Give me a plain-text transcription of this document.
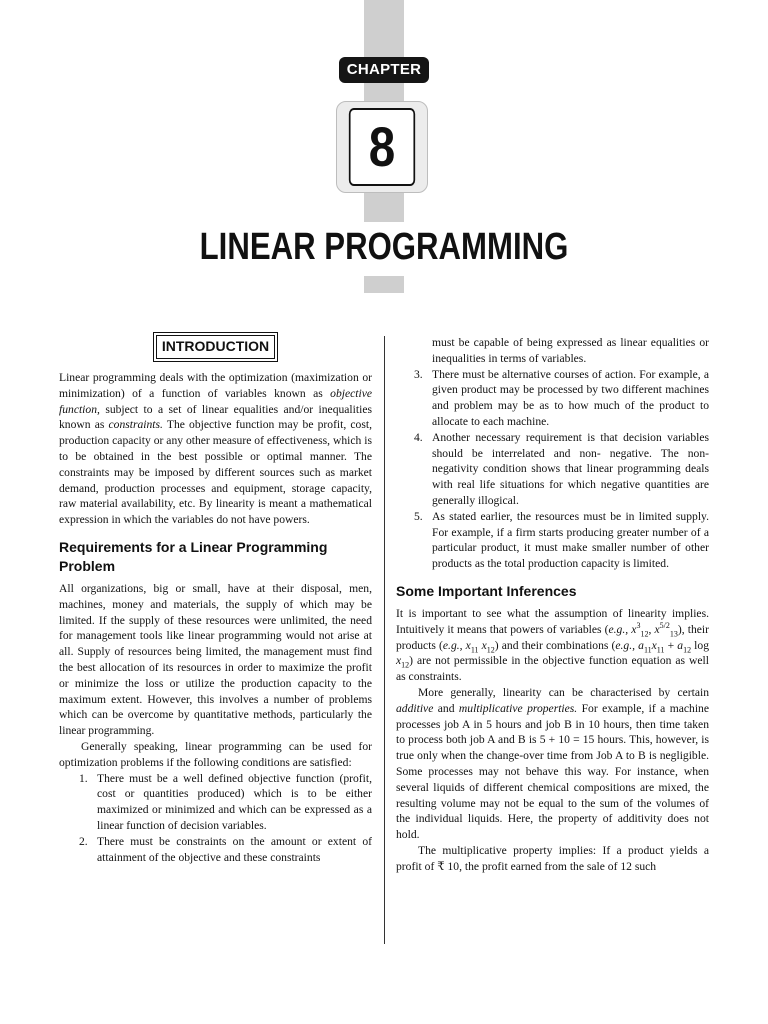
CHAPTER
8
LINEAR PROGRAMMING
INTRODUCTION

Linear programming deals with the optimization (maximization or minimization) of a function of variables known as objective function, subject to a set of linear equalities and/or inequalities known as constraints. The objective function may be profit, cost, production capacity or any other measure of effectiveness, which is to be obtained in the best possible or optimal manner. The constraints may be imposed by different sources such as market demand, production processes and equipment, storage capacity, raw material availability, etc. By linearity is meant a mathematical expression in which the variables do not have powers.

Requirements for a Linear Programming Problem

All organizations, big or small, have at their disposal, men, machines, money and materials, the supply of which may be limited. If the supply of these resources were unlimited, the need for management tools like linear programming would not arise at all. Supply of resources being limited, the management must find the best allocation of its resources in order to maximize the profit or minimize the loss or utilize the production capacity to the maximum extent. However, this involves a number of problems which can be overcome by quantitative methods, particularly the linear programming.

Generally speaking, linear programming can be used for optimization problems if the following conditions are satisfied:

1. There must be a well defined objective function (profit, cost or quantities produced) which is to be either maximized or minimized and which can be expressed as a linear function of decision variables.
2. There must be constraints on the amount or extent of attainment of the objective and these constraints

must be capable of being expressed as linear equalities or inequalities in terms of variables.

3. There must be alternative courses of action. For example, a given product may be processed by two different machines and problem may be as to how much of the product to allocate to each machine.
4. Another necessary requirement is that decision variables should be interrelated and non- negative. The non-negativity condition shows that linear programming deals with real life situations for which negative quantities are generally illogical.
5. As stated earlier, the resources must be in limited supply. For example, if a firm starts producing greater number of a particular product, it must make smaller number of other products as the total production capacity is limited.
Some Important Inferences

It is important to see what the assumption of linearity implies. Intuitively it means that powers of variables (e.g., $x^3_{12}$, $x^{5/2}_{13}$), their products (e.g., $x_{11}$ $x_{12}$) and their combinations (e.g., $a_{11}x_{11} + a_{12}$ $\log x_{12}$) are not permissible in the objective function equation as well as constraints.

More generally, linearity can be characterised by certain additive and multiplicative properties. For example, if a machine processes job A in 5 hours and job B in 10 hours, then time taken to process both job A and B is 5 + 10 = 15 hours. This, however, is true only when the change-over time from Job A to B is negligible. Some processes may not behave this way. For instance, when several liquids of different chemical compositions are mixed, the resulting volume may not be equal to the sum of the volumes of the individual liquids. Here, the property of additivity does not hold.

The multiplicative property implies: If a product yields a profit of ₹ 10, the profit earned from the sale of 12 such
